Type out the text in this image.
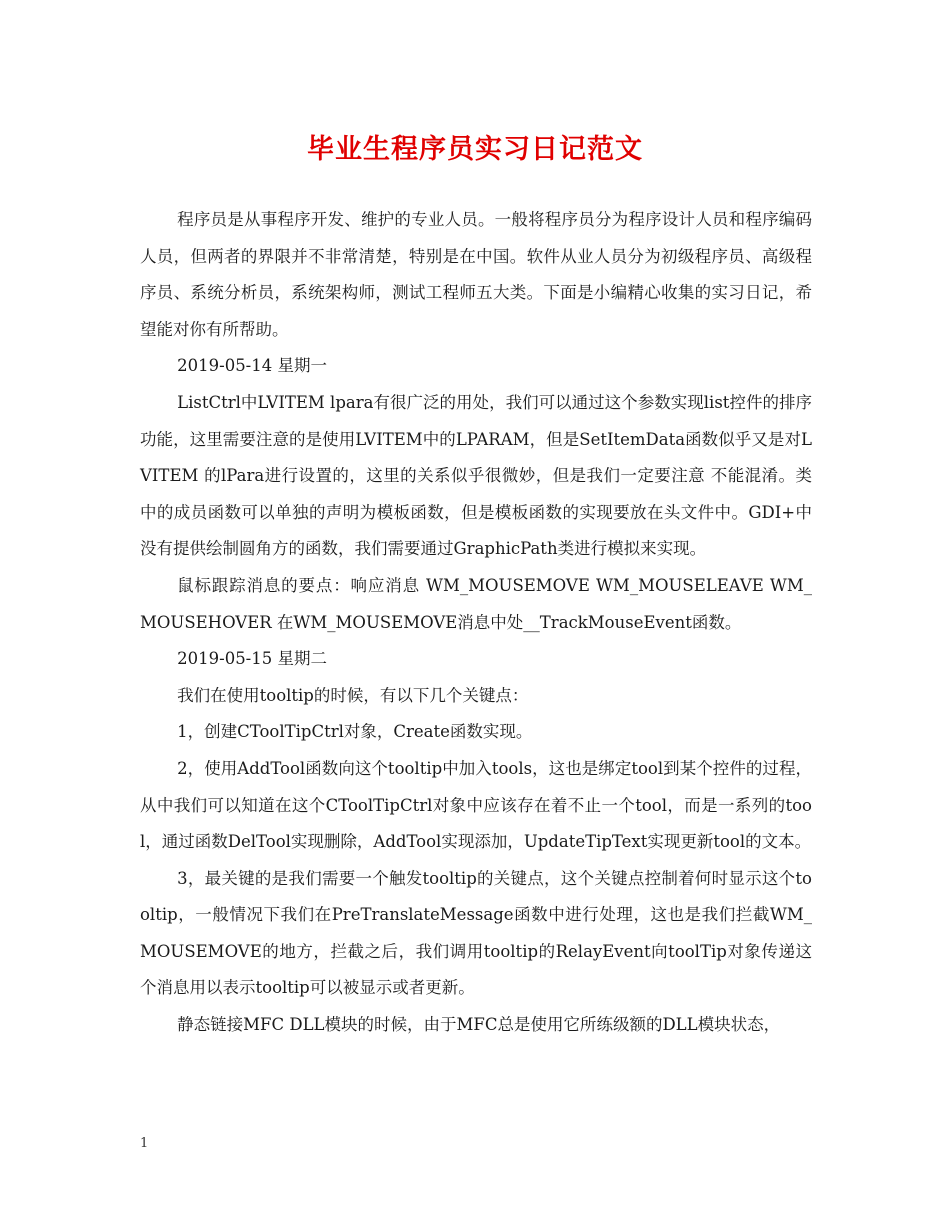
毕业生程序员实习日记范文

程序员是从事程序开发、维护的专业人员。一般将程序员分为程序设计人员和程序编码人员，但两者的界限并不非常清楚，特别是在中国。软件从业人员分为初级程序员、高级程序员、系统分析员，系统架构师，测试工程师五大类。下面是小编精心收集的实习日记，希望能对你有所帮助。

2019-05-14 星期一

ListCtrl中LVITEM lpara有很广泛的用处，我们可以通过这个参数实现list控件的排序功能，这里需要注意的是使用LVITEM中的LPARAM，但是SetItemData函数似乎又是对LVITEM 的lPara进行设置的，这里的关系似乎很微妙，但是我们一定要注意 不能混淆。类中的成员函数可以单独的声明为模板函数，但是模板函数的实现要放在头文件中。GDI+中没有提供绘制圆角方的函数，我们需要通过GraphicPath类进行模拟来实现。

鼠标跟踪消息的要点：响应消息 WM_MOUSEMOVE WM_MOUSELEAVE WM_MOUSEHOVER 在WM_MOUSEMOVE消息中处__TrackMouseEvent函数。

2019-05-15 星期二

我们在使用tooltip的时候，有以下几个关键点：

1，创建CToolTipCtrl对象，Create函数实现。

2，使用AddTool函数向这个tooltip中加入tools，这也是绑定tool到某个控件的过程，从中我们可以知道在这个CToolTipCtrl对象中应该存在着不止一个tool，而是一系列的tool，通过函数DelTool实现删除，AddTool实现添加，UpdateTipText实现更新tool的文本。

3，最关键的是我们需要一个触发tooltip的关键点，这个关键点控制着何时显示这个tooltip，一般情况下我们在PreTranslateMessage函数中进行处理，这也是我们拦截WM_MOUSEMOVE的地方，拦截之后，我们调用tooltip的RelayEvent向toolTip对象传递这个消息用以表示tooltip可以被显示或者更新。

静态链接MFC DLL模块的时候，由于MFC总是使用它所练级额的DLL模块状态，

1
